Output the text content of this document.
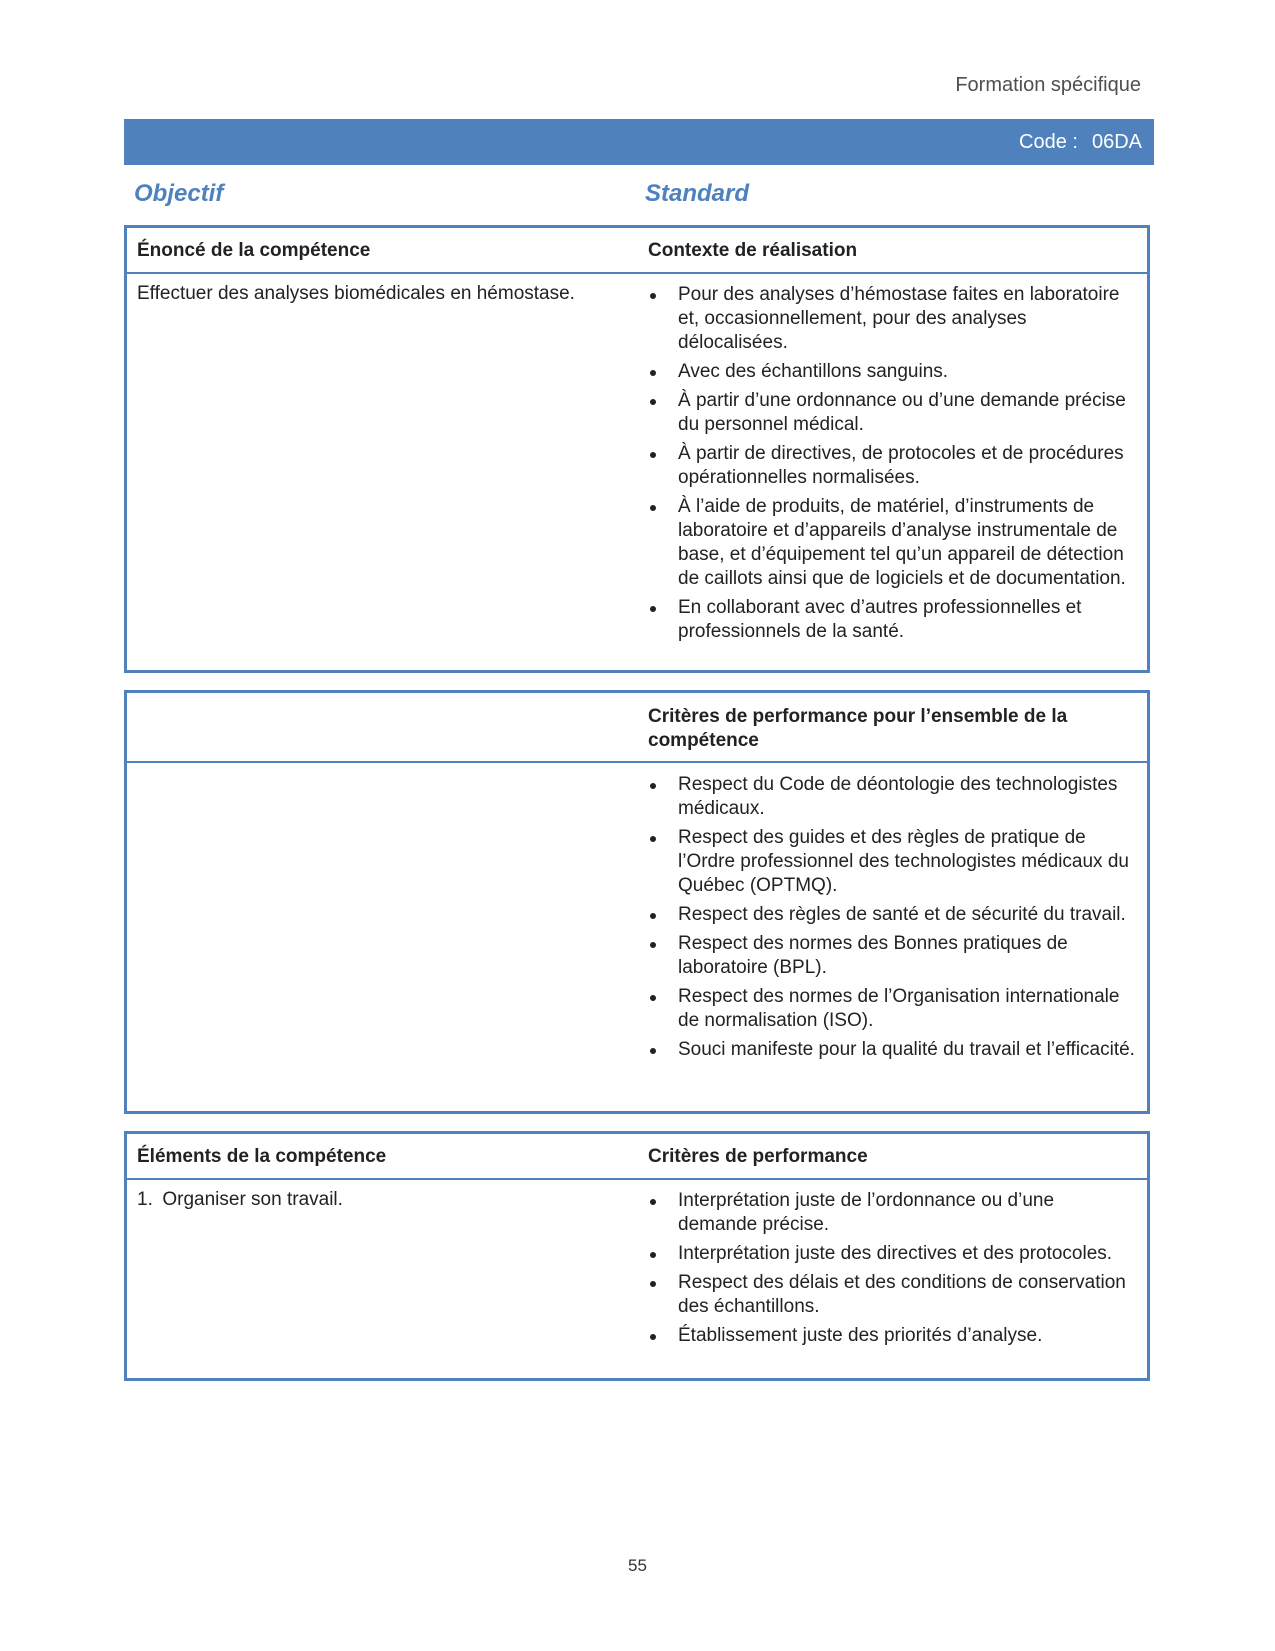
Formation spécifique
Code : 06DA
Objectif	Standard
Énoncé de la compétence	Contexte de réalisation
Effectuer des analyses biomédicales en hémostase.	Pour des analyses d’hémostase faites en laboratoire et, occasionnellement, pour des analyses délocalisées.
Avec des échantillons sanguins.
À partir d’une ordonnance ou d’une demande précise du personnel médical.
À partir de directives, de protocoles et de procédures opérationnelles normalisées.
À l’aide de produits, de matériel, d’instruments de laboratoire et d’appareils d’analyse instrumentale de base, et d’équipement tel qu’un appareil de détection de caillots ainsi que de logiciels et de documentation.
En collaborant avec d’autres professionnelles et professionnels de la santé.
Critères de performance pour l’ensemble de la compétence
Respect du Code de déontologie des technologistes médicaux.
Respect des guides et des règles de pratique de l’Ordre professionnel des technologistes médicaux du Québec (OPTMQ).
Respect des règles de santé et de sécurité du travail.
Respect des normes des Bonnes pratiques de laboratoire (BPL).
Respect des normes de l’Organisation internationale de normalisation (ISO).
Souci manifeste pour la qualité du travail et l’efficacité.
Éléments de la compétence	Critères de performance
1. Organiser son travail.	Interprétation juste de l’ordonnance ou d’une demande précise.
Interprétation juste des directives et des protocoles.
Respect des délais et des conditions de conservation des échantillons.
Établissement juste des priorités d’analyse.
55
